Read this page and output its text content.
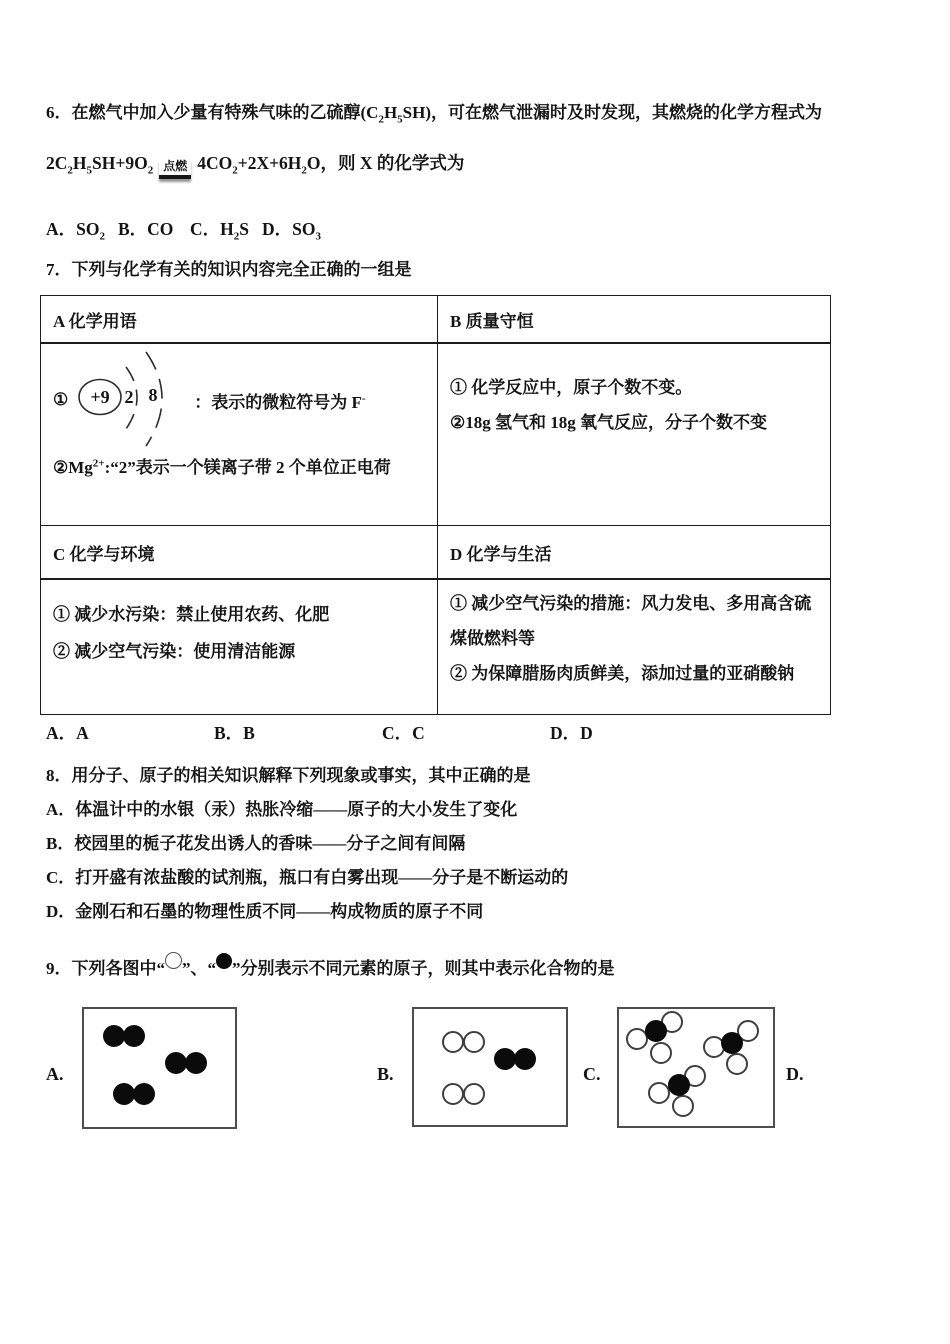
6．在燃气中加入少量有特殊气味的乙硫醇$(C_2H_5SH)$，可在燃气泄漏时及时发现，其燃烧的化学方程式为
$2C_2H_5SH+9O_2$ 点燃 $4CO_2+2X+6H_2O$，则 X 的化学式为
A．$SO_2$ B．CO C．$H_2S$ D．$SO_3$
7．下列与化学有关的知识内容完全正确的一组是
A 化学用语	B 质量守恒

① +9 2 8 ：表示的微粒符号为 F-
$②Mg^{2+}:“2$”表示一个镁离子带 2 个单位正电荷

① 化学反应中，原子个数不变。
②18g 氢气和 18g 氧气反应，分子个数不变

C 化学与环境	D 化学与生活

① 减少水污染：禁止使用农药、化肥
② 减少空气污染：使用清洁能源

① 减少空气污染的措施：风力发电、多用高含硫煤做燃料等
② 为保障腊肠肉质鲜美，添加过量的亚硝酸钠
A．A	B．B	C．C	D．D
8．用分子、原子的相关知识解释下列现象或事实，其中正确的是
A．体温计中的水银（汞）热胀冷缩——原子的大小发生了变化
B．校园里的栀子花发出诱人的香味——分子之间有间隔
C．打开盛有浓盐酸的试剂瓶，瓶口有白雾出现——分子是不断运动的
D．金刚石和石墨的物理性质不同——构成物质的原子不同
9．下列各图中“ ”、“ ”分别表示不同元素的原子，则其中表示化合物的是
A.	B.	C.	D.
